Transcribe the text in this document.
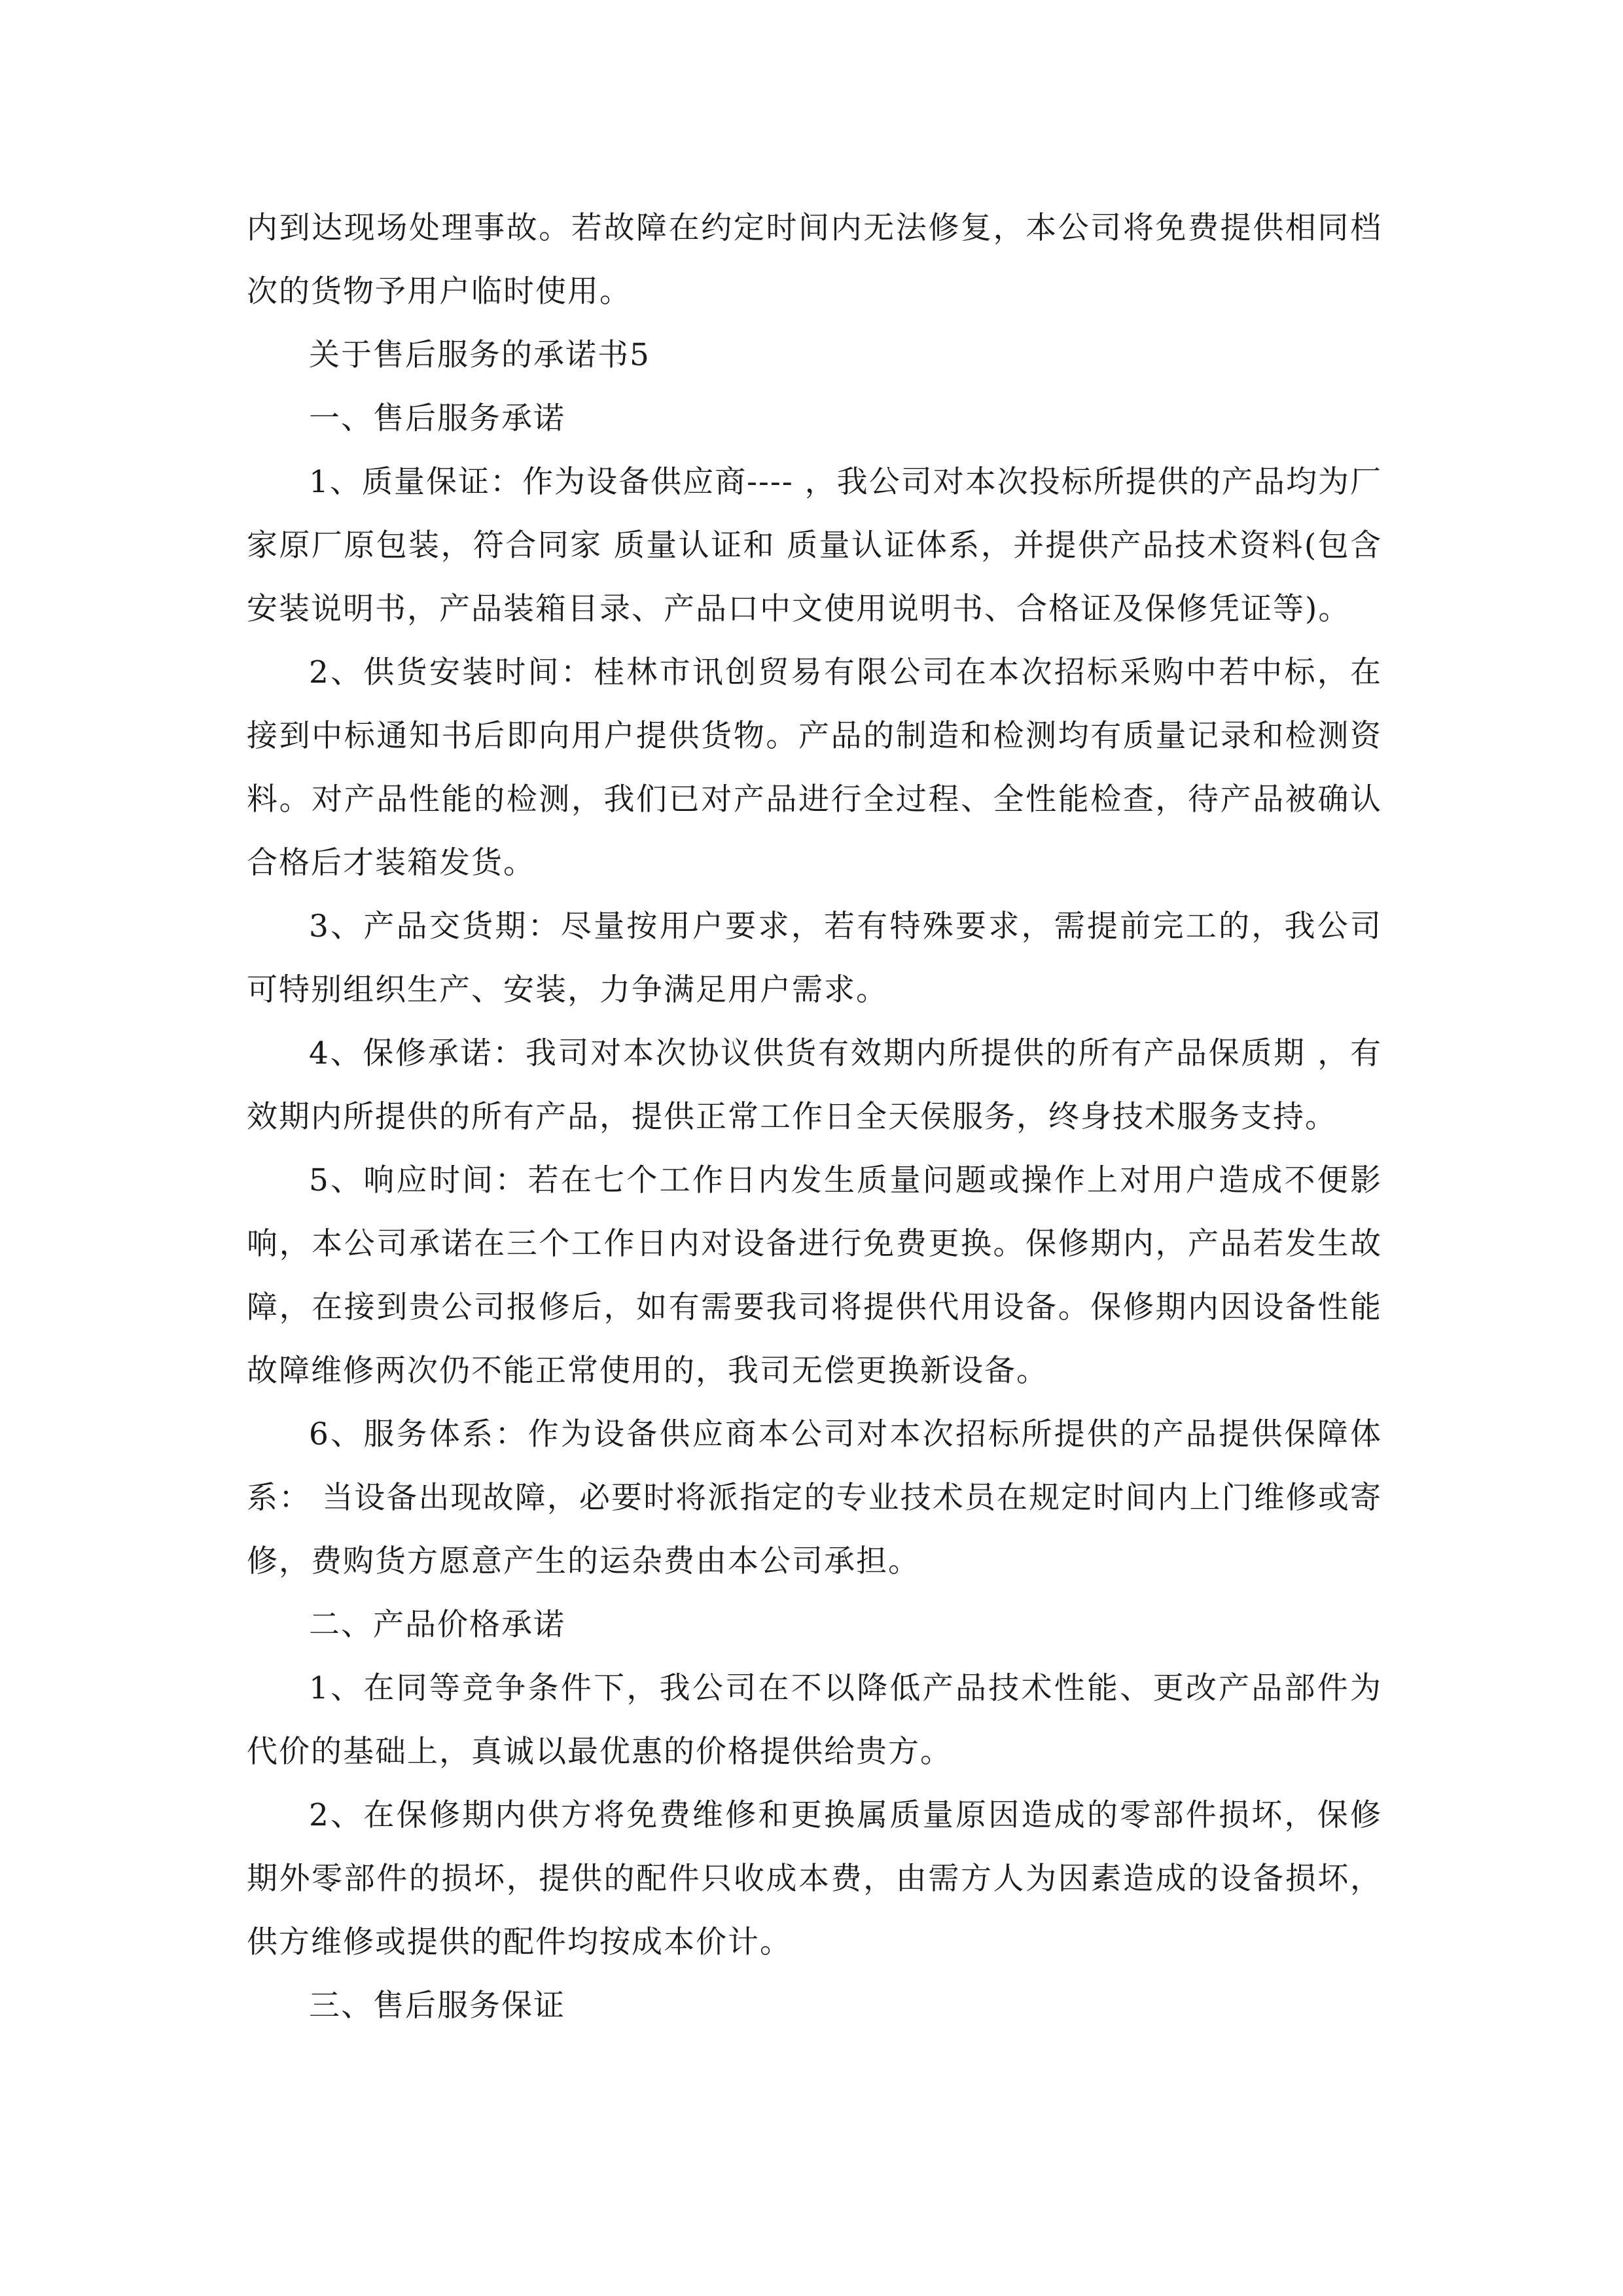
内到达现场处理事故。若故障在约定时间内无法修复，本公司将免费提供相同档次的货物予用户临时使用。

关于售后服务的承诺书5

一、售后服务承诺

1、质量保证：作为设备供应商---- ，我公司对本次投标所提供的产品均为厂家原厂原包装，符合同家 质量认证和 质量认证体系，并提供产品技术资料(包含安装说明书，产品装箱目录、产品口中文使用说明书、合格证及保修凭证等)。

2、供货安装时间：桂林市讯创贸易有限公司在本次招标采购中若中标，在接到中标通知书后即向用户提供货物。产品的制造和检测均有质量记录和检测资料。对产品性能的检测，我们已对产品进行全过程、全性能检查，待产品被确认合格后才装箱发货。

3、产品交货期：尽量按用户要求，若有特殊要求，需提前完工的，我公司可特别组织生产、安装，力争满足用户需求。

4、保修承诺：我司对本次协议供货有效期内所提供的所有产品保质期 ，有效期内所提供的所有产品，提供正常工作日全天侯服务，终身技术服务支持。

5、响应时间：若在七个工作日内发生质量问题或操作上对用户造成不便影响，本公司承诺在三个工作日内对设备进行免费更换。保修期内，产品若发生故障，在接到贵公司报修后，如有需要我司将提供代用设备。保修期内因设备性能故障维修两次仍不能正常使用的，我司无偿更换新设备。

6、服务体系：作为设备供应商本公司对本次招标所提供的产品提供保障体系： 当设备出现故障，必要时将派指定的专业技术员在规定时间内上门维修或寄修，费购货方愿意产生的运杂费由本公司承担。

二、产品价格承诺

1、在同等竞争条件下，我公司在不以降低产品技术性能、更改产品部件为代价的基础上，真诚以最优惠的价格提供给贵方。

2、在保修期内供方将免费维修和更换属质量原因造成的零部件损坏，保修期外零部件的损坏，提供的配件只收成本费，由需方人为因素造成的设备损坏，供方维修或提供的配件均按成本价计。

三、售后服务保证
